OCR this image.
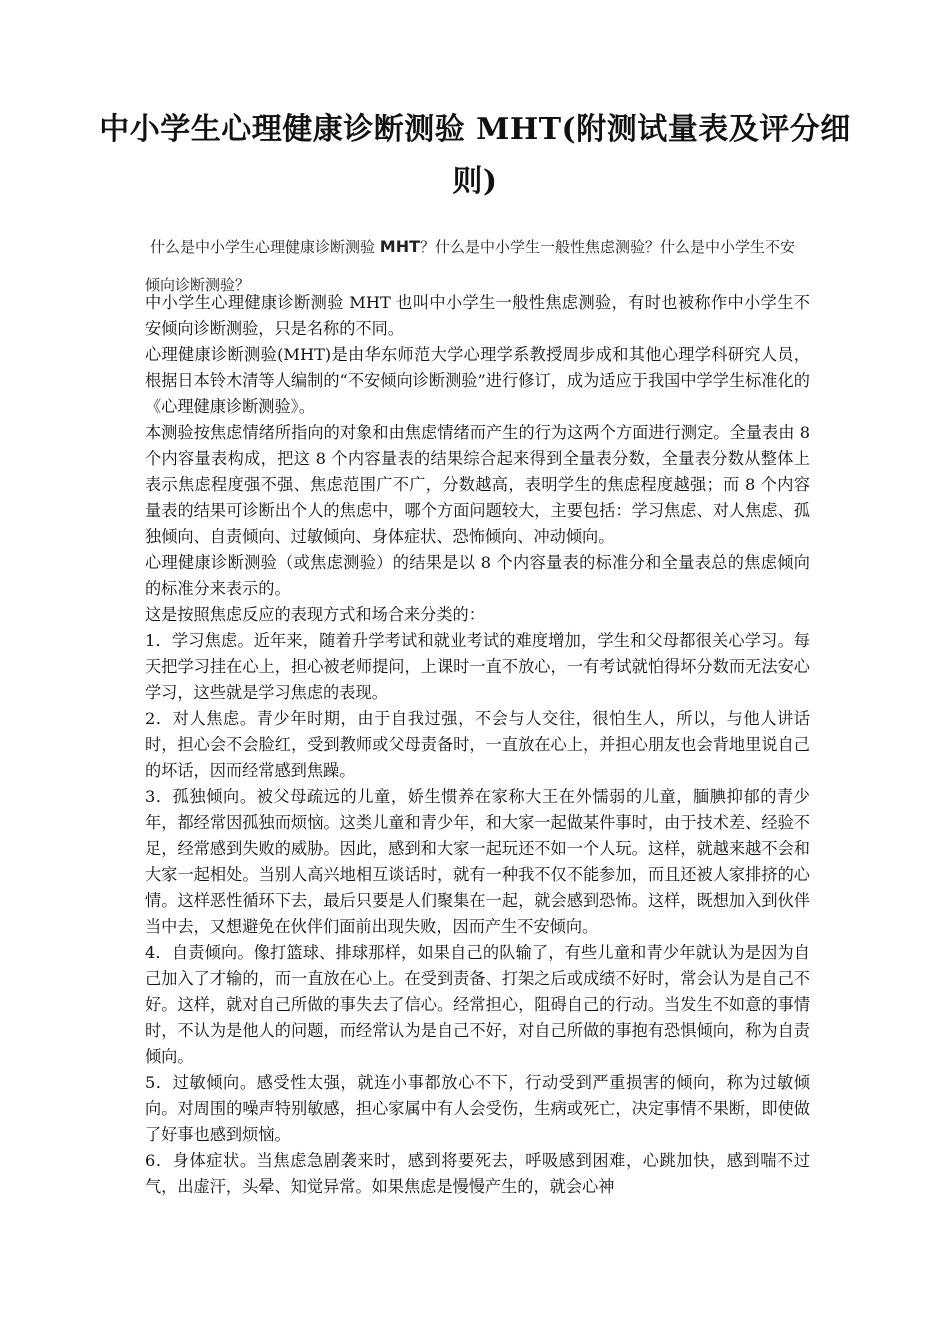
中小学生心理健康诊断测验 MHT(附测试量表及评分细则)

什么是中小学生心理健康诊断测验 MHT？什么是中小学生一般性焦虑测验？什么是中小学生不安倾向诊断测验？

中小学生心理健康诊断测验 MHT 也叫中小学生一般性焦虑测验，有时也被称作中小学生不安倾向诊断测验，只是名称的不同。

心理健康诊断测验(MHT)是由华东师范大学心理学系教授周步成和其他心理学科研究人员，根据日本铃木清等人编制的“不安倾向诊断测验”进行修订，成为适应于我国中学学生标准化的《心理健康诊断测验》。

本测验按焦虑情绪所指向的对象和由焦虑情绪而产生的行为这两个方面进行测定。全量表由 8 个内容量表构成，把这 8 个内容量表的结果综合起来得到全量表分数，全量表分数从整体上表示焦虑程度强不强、焦虑范围广不广，分数越高，表明学生的焦虑程度越强；而 8 个内容量表的结果可诊断出个人的焦虑中，哪个方面问题较大，主要包括：学习焦虑、对人焦虑、孤独倾向、自责倾向、过敏倾向、身体症状、恐怖倾向、冲动倾向。

心理健康诊断测验（或焦虑测验）的结果是以 8 个内容量表的标准分和全量表总的焦虑倾向的标准分来表示的。

这是按照焦虑反应的表现方式和场合来分类的：

1．学习焦虑。近年来，随着升学考试和就业考试的难度增加，学生和父母都很关心学习。每天把学习挂在心上，担心被老师提问，上课时一直不放心，一有考试就怕得坏分数而无法安心学习，这些就是学习焦虑的表现。

2．对人焦虑。青少年时期，由于自我过强，不会与人交往，很怕生人，所以，与他人讲话时，担心会不会脸红，受到教师或父母责备时，一直放在心上，并担心朋友也会背地里说自己的坏话，因而经常感到焦躁。

3．孤独倾向。被父母疏远的儿童，娇生惯养在家称大王在外懦弱的儿童，腼腆抑郁的青少年，都经常因孤独而烦恼。这类儿童和青少年，和大家一起做某件事时，由于技术差、经验不足，经常感到失败的威胁。因此，感到和大家一起玩还不如一个人玩。这样，就越来越不会和大家一起相处。当别人高兴地相互谈话时，就有一种我不仅不能参加，而且还被人家排挤的心情。这样恶性循环下去，最后只要是人们聚集在一起，就会感到恐怖。这样，既想加入到伙伴当中去，又想避免在伙伴们面前出现失败，因而产生不安倾向。

4．自责倾向。像打篮球、排球那样，如果自己的队输了，有些儿童和青少年就认为是因为自己加入了才输的，而一直放在心上。在受到责备、打架之后或成绩不好时，常会认为是自己不好。这样，就对自己所做的事失去了信心。经常担心，阻碍自己的行动。当发生不如意的事情时，不认为是他人的问题，而经常认为是自己不好，对自己所做的事抱有恐惧倾向，称为自责倾向。

5．过敏倾向。感受性太强，就连小事都放心不下，行动受到严重损害的倾向，称为过敏倾向。对周围的噪声特别敏感，担心家属中有人会受伤，生病或死亡，决定事情不果断，即使做了好事也感到烦恼。

6．身体症状。当焦虑急剧袭来时，感到将要死去，呼吸感到困难，心跳加快，感到喘不过气，出虚汗，头晕、知觉异常。如果焦虑是慢慢产生的，就会心神
